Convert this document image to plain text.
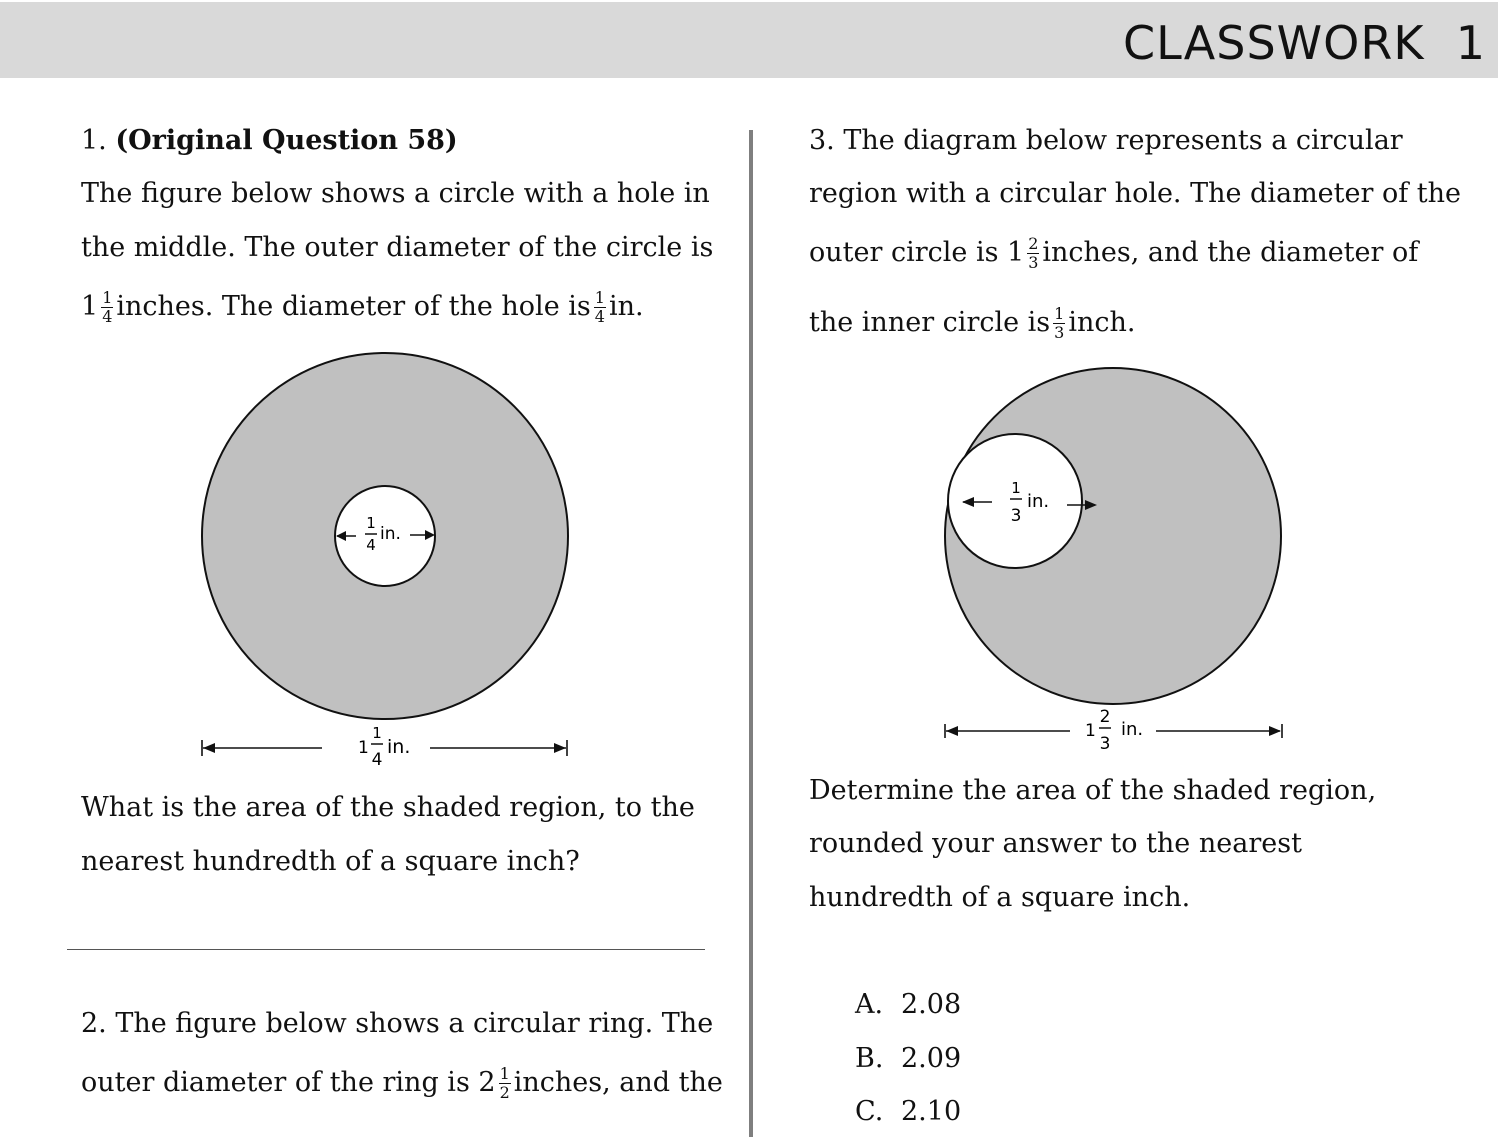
CLASSWORK  1
1. (Original Question 58)
The figure below shows a circle with a hole in
the middle. The outer diameter of the circle is
$1 \frac{1}{4}$ inches. The diameter of the hole is $\frac{1}{4}$ in.
1
4
in.
1
1
4
in.
What is the area of the shaded region, to the
nearest hundredth of a square inch?
2. The figure below shows a circular ring. The
outer diameter of the ring is $2 \frac{1}{2}$ inches, and the
3. The diagram below represents a circular
region with a circular hole. The diameter of the
outer circle is $1 \frac{2}{3}$ inches, and the diameter of
the inner circle is $\frac{1}{3}$ inch.
1
3
in.
1
2
3
in.
Determine the area of the shaded region,
rounded your answer to the nearest
hundredth of a square inch.
A. 2.08
B. 2.09
C. 2.10
